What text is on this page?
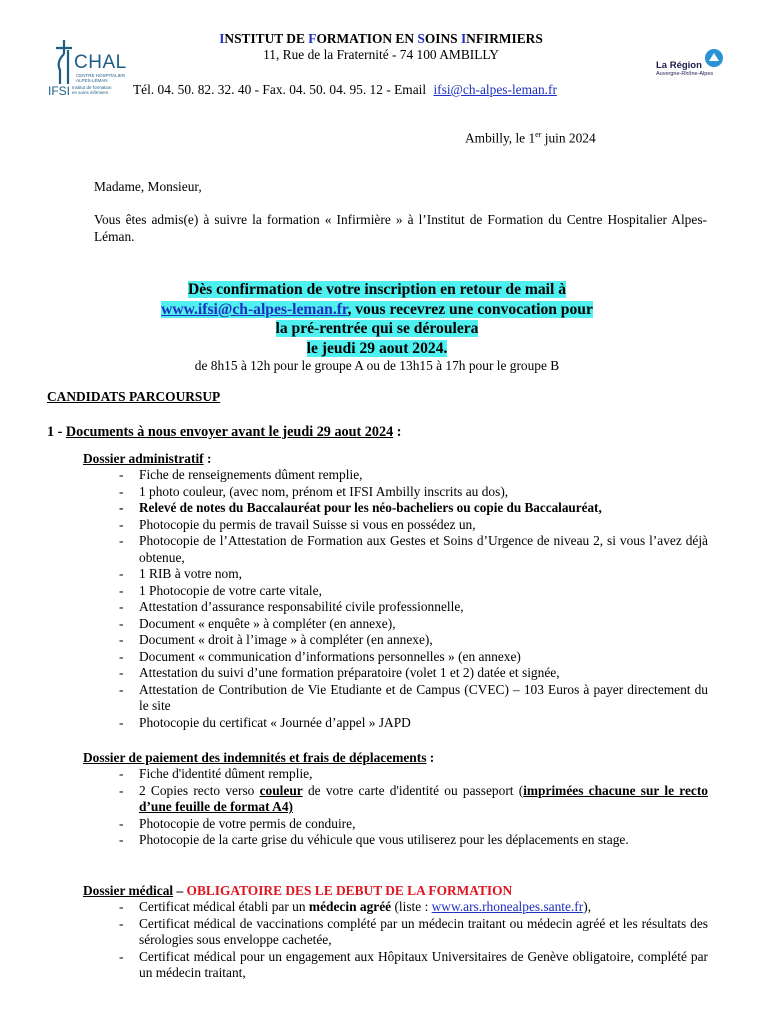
CHAL
CENTRE HOSPITALIER
ALPES-LÉMAN
IFSI Institut de formation
en soins infirmiers
INSTITUT DE FORMATION EN SOINS INFIRMIERS
11, Rue de la Fraternité - 74 100 AMBILLY
Tél. 04. 50. 82. 32. 40 - Fax. 04. 50. 04. 95. 12 - Email ifsi@ch-alpes-leman.fr
La Région
Auvergne-Rhône-Alpes
Ambilly, le 1er juin 2024
Madame, Monsieur,
Vous êtes admis(e) à suivre la formation « Infirmière » à l’Institut de Formation du Centre Hospitalier Alpes-Léman.
Dès confirmation de votre inscription en retour de mail à
www.ifsi@ch-alpes-leman.fr, vous recevrez une convocation pour
la pré-rentrée qui se déroulera
le jeudi 29 aout 2024.
de 8h15 à 12h pour le groupe A ou de 13h15 à 17h pour le groupe B
CANDIDATS PARCOURSUP
1 - Documents à nous envoyer avant le jeudi 29 aout 2024 :
Dossier administratif :
- Fiche de renseignements dûment remplie,
- 1 photo couleur, (avec nom, prénom et IFSI Ambilly inscrits au dos),
- Relevé de notes du Baccalauréat pour les néo-bacheliers ou copie du Baccalauréat,
- Photocopie du permis de travail Suisse si vous en possédez un,
- Photocopie de l’Attestation de Formation aux Gestes et Soins d’Urgence de niveau 2, si vous l’avez déjà obtenue,
- 1 RIB à votre nom,
- 1 Photocopie de votre carte vitale,
- Attestation d’assurance responsabilité civile professionnelle,
- Document « enquête » à compléter (en annexe),
- Document « droit à l’image » à compléter (en annexe),
- Document « communication d’informations personnelles » (en annexe)
- Attestation du suivi d’une formation préparatoire (volet 1 et 2) datée et signée,
- Attestation de Contribution de Vie Etudiante et de Campus (CVEC) – 103 Euros à payer directement du le site
- Photocopie du certificat « Journée d’appel » JAPD
Dossier de paiement des indemnités et frais de déplacements :
- Fiche d'identité dûment remplie,
- 2 Copies recto verso couleur de votre carte d'identité ou passeport (imprimées chacune sur le recto d’une feuille de format A4)
- Photocopie de votre permis de conduire,
- Photocopie de la carte grise du véhicule que vous utiliserez pour les déplacements en stage.
Dossier médical – OBLIGATOIRE DES LE DEBUT DE LA FORMATION
- Certificat médical établi par un médecin agréé (liste : www.ars.rhonealpes.sante.fr),
- Certificat médical de vaccinations complété par un médecin traitant ou médecin agréé et les résultats des sérologies sous enveloppe cachetée,
- Certificat médical pour un engagement aux Hôpitaux Universitaires de Genève obligatoire, complété par un médecin traitant,
